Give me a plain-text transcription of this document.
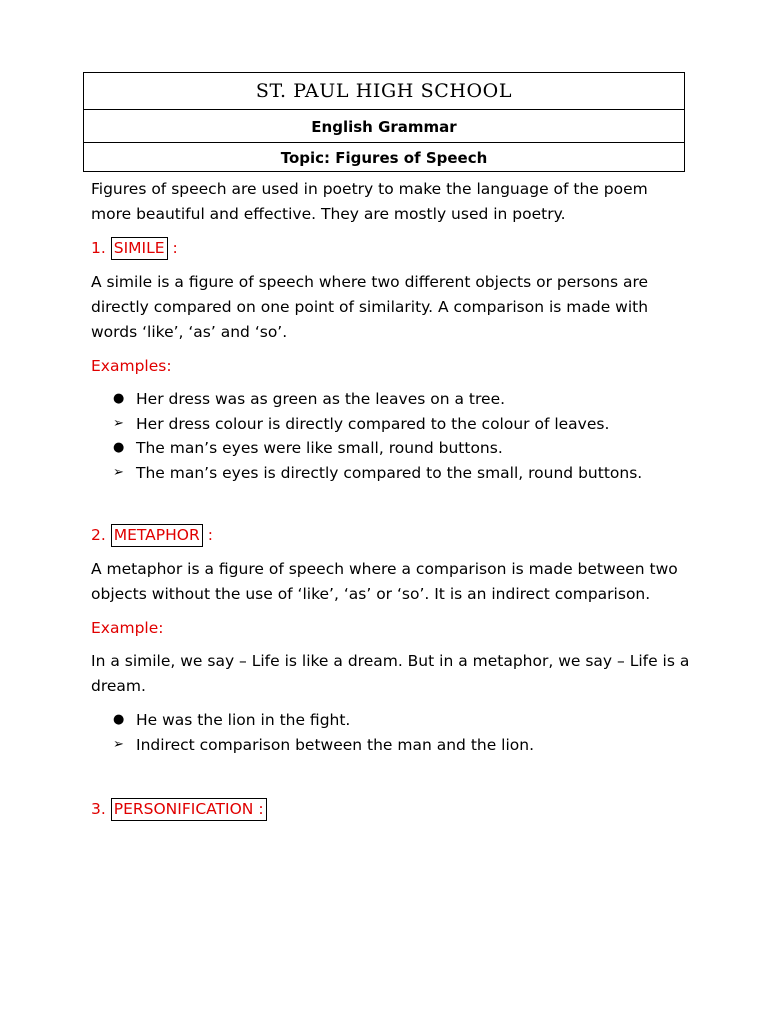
ST. PAUL HIGH SCHOOL
English Grammar
Topic: Figures of Speech

Figures of speech are used in poetry to make the language of the poem more beautiful and effective. They are mostly used in poetry.

1. SIMILE :

A simile is a figure of speech where two different objects or persons are directly compared on one point of similarity. A comparison is made with words ‘like’, ‘as’ and ‘so’.

Examples:

● Her dress was as green as the leaves on a tree.
➢ Her dress colour is directly compared to the colour of leaves.
● The man’s eyes were like small, round buttons.
➢ The man’s eyes is directly compared to the small, round buttons.

2. METAPHOR :

A metaphor is a figure of speech where a comparison is made between two objects without the use of ‘like’, ‘as’ or ‘so’. It is an indirect comparison.

Example:

In a simile, we say – Life is like a dream. But in a metaphor, we say – Life is a dream.

● He was the lion in the fight.
➢ Indirect comparison between the man and the lion.

3. PERSONIFICATION :
